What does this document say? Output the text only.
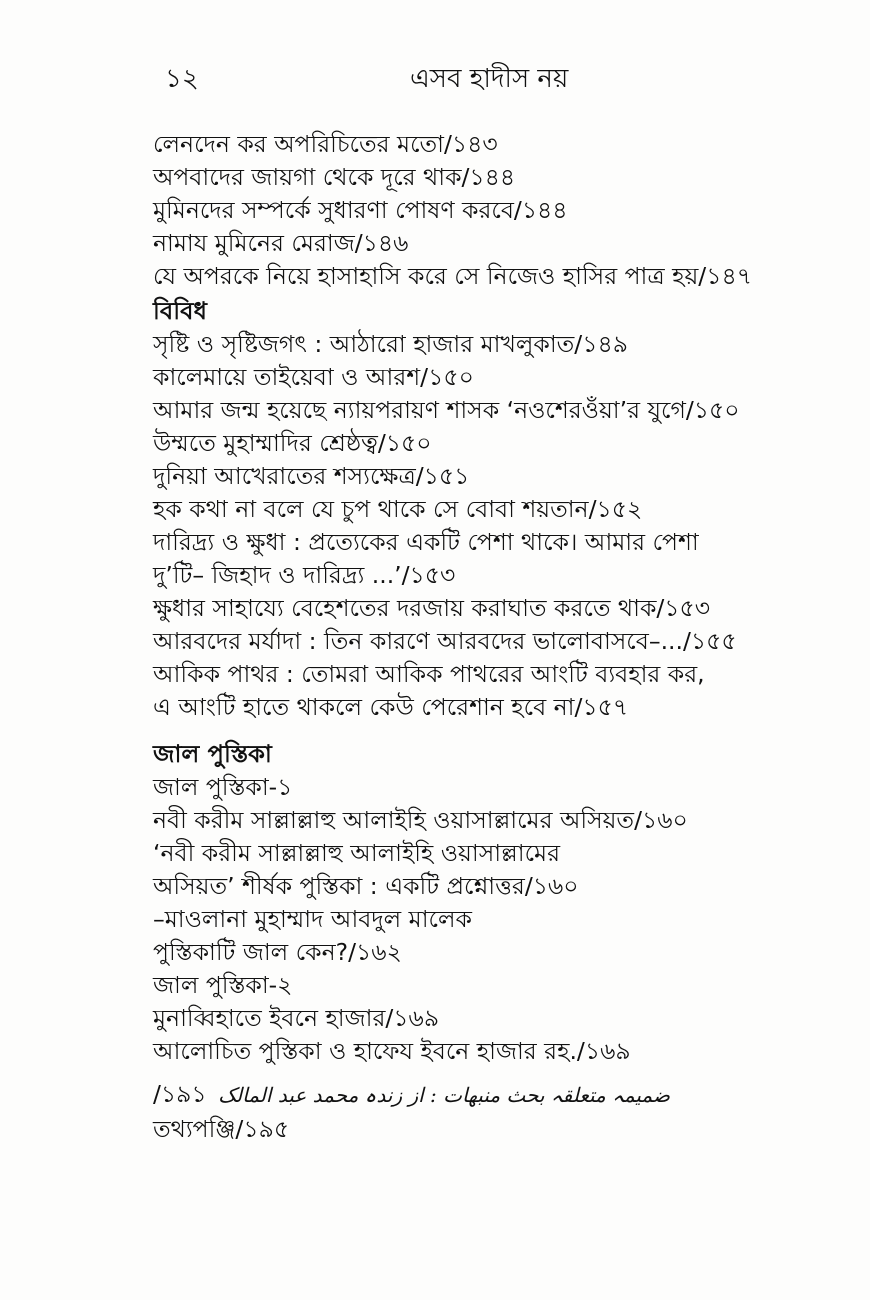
১২	এসব হাদীস নয়
লেনদেন কর অপরিচিতের মতো/১৪৩
অপবাদের জায়গা থেকে দূরে থাক/১৪৪
মুমিনদের সম্পর্কে সুধারণা পোষণ করবে/১৪৪
নামায মুমিনের মেরাজ/১৪৬
যে অপরকে নিয়ে হাসাহাসি করে সে নিজেও হাসির পাত্র হয়/১৪৭
বিবিধ
সৃষ্টি ও সৃষ্টিজগৎ : আঠারো হাজার মাখলুকাত/১৪৯
কালেমায়ে তাইয়েবা ও আরশ/১৫০
আমার জন্ম হয়েছে ন্যায়পরায়ণ শাসক ‘নওশেরওঁয়া’র যুগে/১৫০
উম্মতে মুহাম্মাদির শ্রেষ্ঠত্ব/১৫০
দুনিয়া আখেরাতের শস্যক্ষেত্র/১৫১
হক কথা না বলে যে চুপ থাকে সে বোবা শয়তান/১৫২
দারিদ্র্য ও ক্ষুধা : প্রত্যেকের একটি পেশা থাকে। আমার পেশা
দু’টি– জিহাদ ও দারিদ্র্য ...’/১৫৩
ক্ষুধার সাহায্যে বেহেশতের দরজায় করাঘাত করতে থাক/১৫৩
আরবদের মর্যাদা : তিন কারণে আরবদের ভালোবাসবে–.../১৫৫
আকিক পাথর : তোমরা আকিক পাথরের আংটি ব্যবহার কর,
এ আংটি হাতে থাকলে কেউ পেরেশান হবে না/১৫৭
জাল পুস্তিকা
জাল পুস্তিকা-১
নবী করীম সাল্লাল্লাহু আলাইহি ওয়াসাল্লামের অসিয়ত/১৬০
‘নবী করীম সাল্লাল্লাহু আলাইহি ওয়াসাল্লামের
অসিয়ত’ শীর্ষক পুস্তিকা : একটি প্রশ্নোত্তর/১৬০
–মাওলানা মুহাম্মাদ আবদুল মালেক
পুস্তিকাটি জাল কেন?/১৬২
জাল পুস্তিকা-২
মুনাব্বিহাতে ইবনে হাজার/১৬৯
আলোচিত পুস্তিকা ও হাফেয ইবনে হাজার রহ./১৬৯
/১৯১ ضمیمہ متعلقہ بحث منبھات : از زندہ محمد عبد المالک
তথ্যপঞ্জি/১৯৫
